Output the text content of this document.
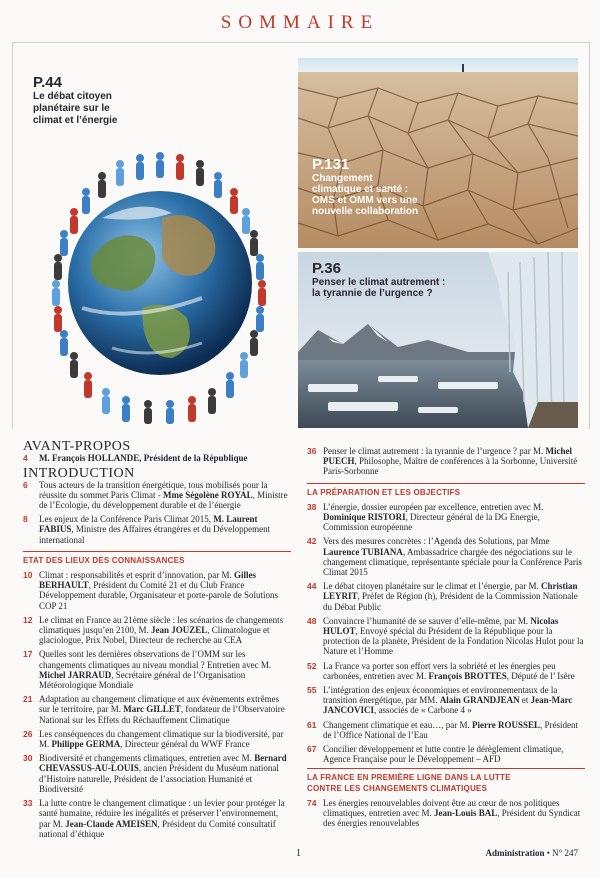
SOMMAIRE
P.44
Le débat citoyen
planétaire sur le
climat et l’énergie
P.131
Changement
climatique et santé :
OMS et OMM vers une
nouvelle collaboration
P.36
Penser le climat autrement :
la tyrannie de l’urgence ?
AVANT-PROPOS
4	M. François HOLLANDE, Président de la République
INTRODUCTION
6	Tous acteurs de la transition énergétique, tous mobilisés pour la réussite du sommet Paris Climat - Mme Ségolène ROYAL, Ministre de l’Ecologie, du développement durable et de l’énergie
8	Les enjeux de la Conférence Paris Climat 2015, M. Laurent FABIUS, Ministre des Affaires étrangères et du Développement international
ETAT DES LIEUX DES CONNAISSANCES
10 Climat : responsabilités et esprit d’innovation, par M. Gilles BERHAULT, Président du Comité 21 et du Club France Développement durable, Organisateur et porte-parole de Solutions COP 21
12 Le climat en France au 21ème siècle : les scénarios de changements climatiques jusqu’en 2100, M. Jean JOUZEL, Climatologue et glaciologue, Prix Nobel, Directeur de recherche au CEA
17 Quelles sont les dernières observations de l’OMM sur les changements climatiques au niveau mondial ? Entretien avec M. Michel JARRAUD, Secrétaire général de l’Organisation Météorologique Mondiale
21 Adaptation au changement climatique et aux évènements extrêmes sur le territoire, par M. Marc GILLET, fondateur de l’Observatoire National sur les Effets du Réchauffement Climatique
26 Les conséquences du changement climatique sur la biodiversité, par M. Philippe GERMA, Directeur général du WWF France
30 Biodiversité et changements climatiques, entretien avec M. Bernard CHEVASSUS-AU-LOUIS, ancien Président du Muséum national d’Histoire naturelle, Président de l’association Humanité et Biodiversité
33 La lutte contre le changement climatique : un levier pour protéger la santé humaine, réduire les inégalités et préserver l’environnement, par M. Jean-Claude AMEISEN, Président du Comité consultatif national d’éthique
36 Penser le climat autrement : la tyrannie de l’urgence ? par M. Michel PUECH, Philosophe, Maître de conférences à la Sorbonne, Université Paris-Sorbonne
LA PRÉPARATION ET LES OBJECTIFS
38 L’énergie, dossier européen par excellence, entretien avec M. Dominique RISTORI, Directeur général de la DG Energie, Commission européenne
42 Vers des mesures concrètes : l’Agenda des Solutions, par Mme Laurence TUBIANA, Ambassadrice chargée des négociations sur le changement climatique, représentante spéciale pour la Conférence Paris Climat 2015
44 Le débat citoyen planétaire sur le climat et l’énergie, par M. Christian LEYRIT, Préfet de Région (h), Président de la Commission Nationale du Débat Public
48 Convaincre l’humanité de se sauver d’elle-même, par M. Nicolas HULOT, Envoyé spécial du Président de la République pour la protection de la planète, Président de la Fondation Nicolas Hulot pour la Nature et l’Homme
52 La France va porter son effort vers la sobriété et les énergies peu carbonées, entretien avec M. François BROTTES, Député de l’ Isère
55 L’intégration des enjeux économiques et environnementaux de la transition énergétique, par MM. Alain GRANDJEAN et Jean-Marc JANCOVICI, associés de « Carbone 4 »
61 Changement climatique et eau…, par M. Pierre ROUSSEL, Président de l’Office National de l’Eau
67 Concilier développement et lutte contre le dérèglement climatique, Agence Française pour le Développement – AFD
LA FRANCE EN PREMIÈRE LIGNE DANS LA LUTTE
CONTRE LES CHANGEMENTS CLIMATIQUES
74 Les énergies renouvelables doivent être au cœur de nos politiques climatiques, entretien avec M. Jean-Louis BAL, Président du Syndicat des énergies renouvelables
1	Administration • N° 247
